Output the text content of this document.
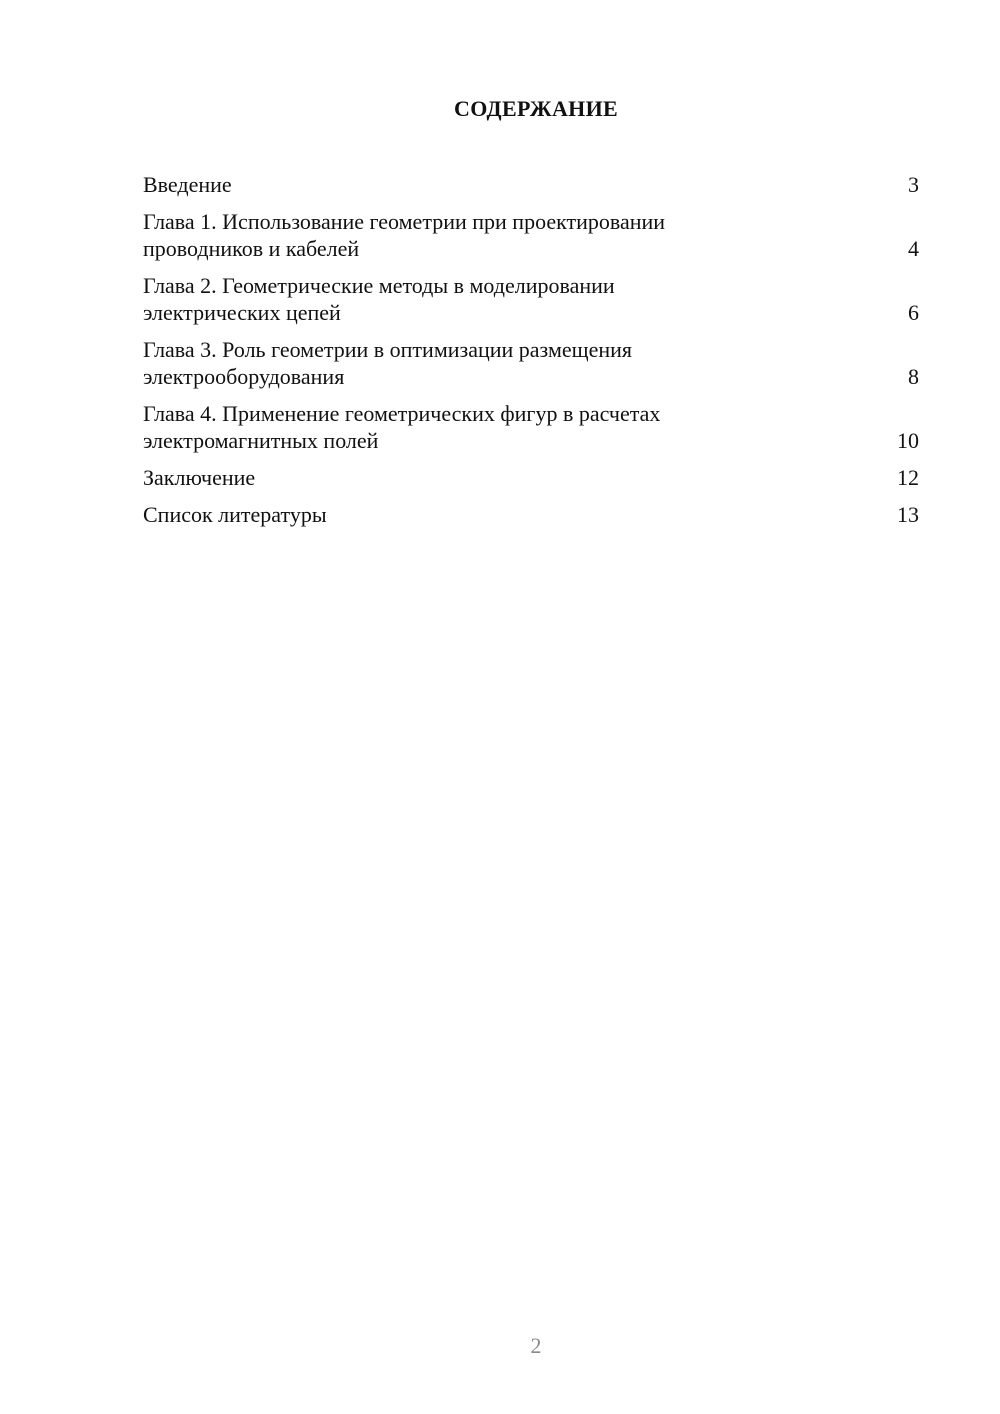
СОДЕРЖАНИЕ
Введение	3
Глава 1. Использование геометрии при проектировании
проводников и кабелей	4
Глава 2. Геометрические методы в моделировании
электрических цепей	6
Глава 3. Роль геометрии в оптимизации размещения
электрооборудования	8
Глава 4. Применение геометрических фигур в расчетах
электромагнитных полей	10
Заключение	12
Список литературы	13
2
